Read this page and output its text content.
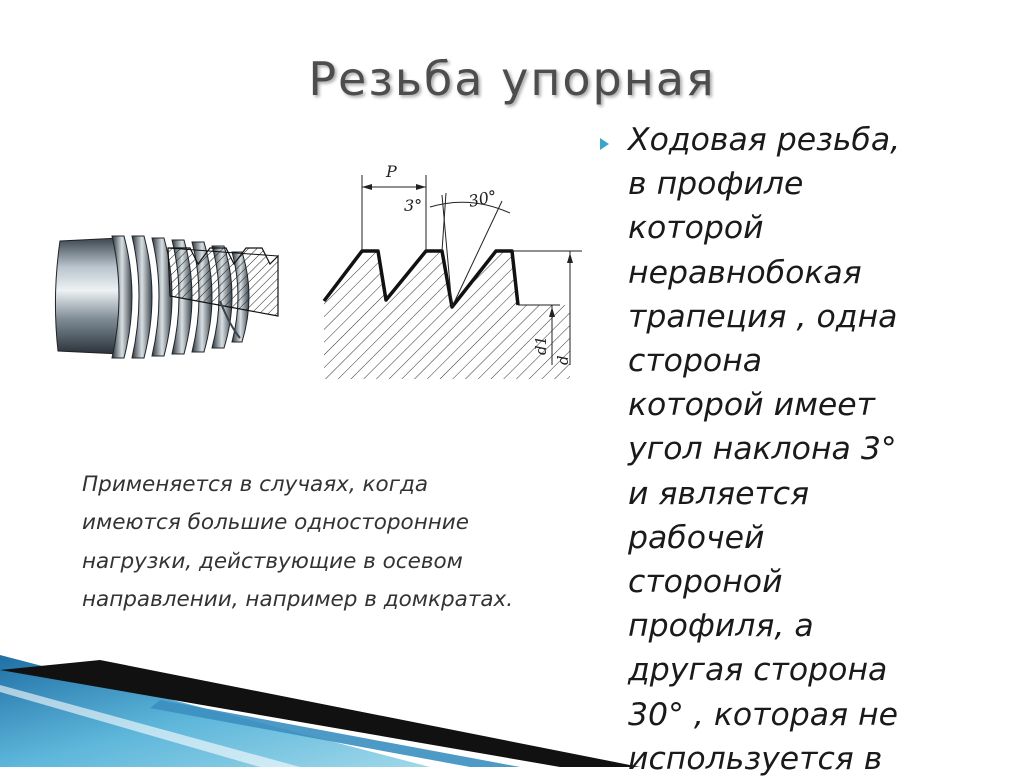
Резьба упорная
P
3°	30°
d1
d
Применяется в случаях, когда
имеются большие односторонние
нагрузки, действующие в осевом
направлении, например в домкратах.
Ходовая резьба,
в профиле
которой
неравнобокая
трапеция , одна
сторона
которой имеет
угол наклона 3°
и является
рабочей
стороной
профиля, а
другая сторона
30° , которая не
используется в
